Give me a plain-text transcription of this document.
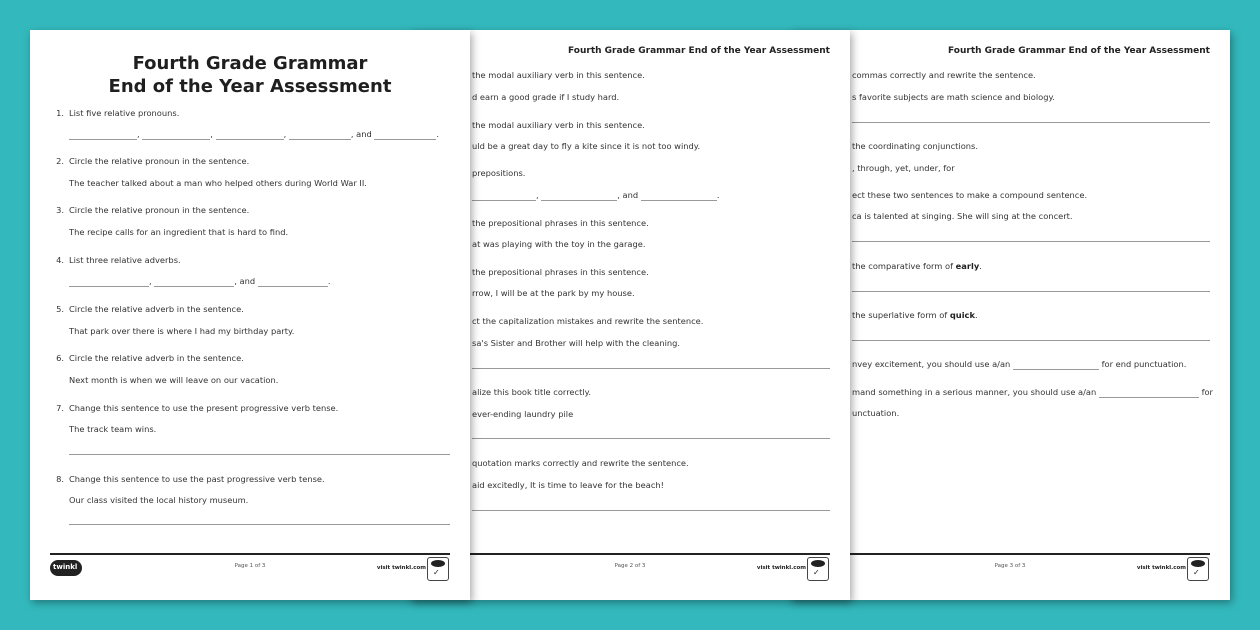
Fourth Grade Grammar End of the Year Assessment
commas correctly and rewrite the sentence.
s favorite subjects are math science and biology.
the coordinating conjunctions.
, through, yet, under, for
ect these two sentences to make a compound sentence.
ca is talented at singing. She will sing at the concert.
the comparative form of early.
the superlative form of quick.
nvey excitement, you should use a/an	for end punctuation.
mand something in a serious manner, you should use a/an	for
unctuation.
Page 3 of 3	visit twinkl.com ✓
Fourth Grade Grammar End of the Year Assessment
the modal auxiliary verb in this sentence.
d earn a good grade if I study hard.
the modal auxiliary verb in this sentence.
uld be a great day to fly a kite since it is not too windy.
prepositions.
,	, and	.
the prepositional phrases in this sentence.
at was playing with the toy in the garage.
the prepositional phrases in this sentence.
rrow, I will be at the park by my house.
ct the capitalization mistakes and rewrite the sentence.
sa's Sister and Brother will help with the cleaning.
alize this book title correctly.
ever-ending laundry pile
quotation marks correctly and rewrite the sentence.
aid excitedly, It is time to leave for the beach!
Page 2 of 3	visit twinkl.com ✓
Fourth Grade Grammar
End of the Year Assessment
1. List five relative pronouns.
,	,	,	, and	.
2. Circle the relative pronoun in the sentence.
The teacher talked about a man who helped others during World War II.
3. Circle the relative pronoun in the sentence.
The recipe calls for an ingredient that is hard to find.
4. List three relative adverbs.
,	, and	.
5. Circle the relative adverb in the sentence.
That park over there is where I had my birthday party.
6. Circle the relative adverb in the sentence.
Next month is when we will leave on our vacation.
7. Change this sentence to use the present progressive verb tense.
The track team wins.
8. Change this sentence to use the past progressive verb tense.
Our class visited the local history museum.
twinkl	Page 1 of 3	visit twinkl.com ✓
